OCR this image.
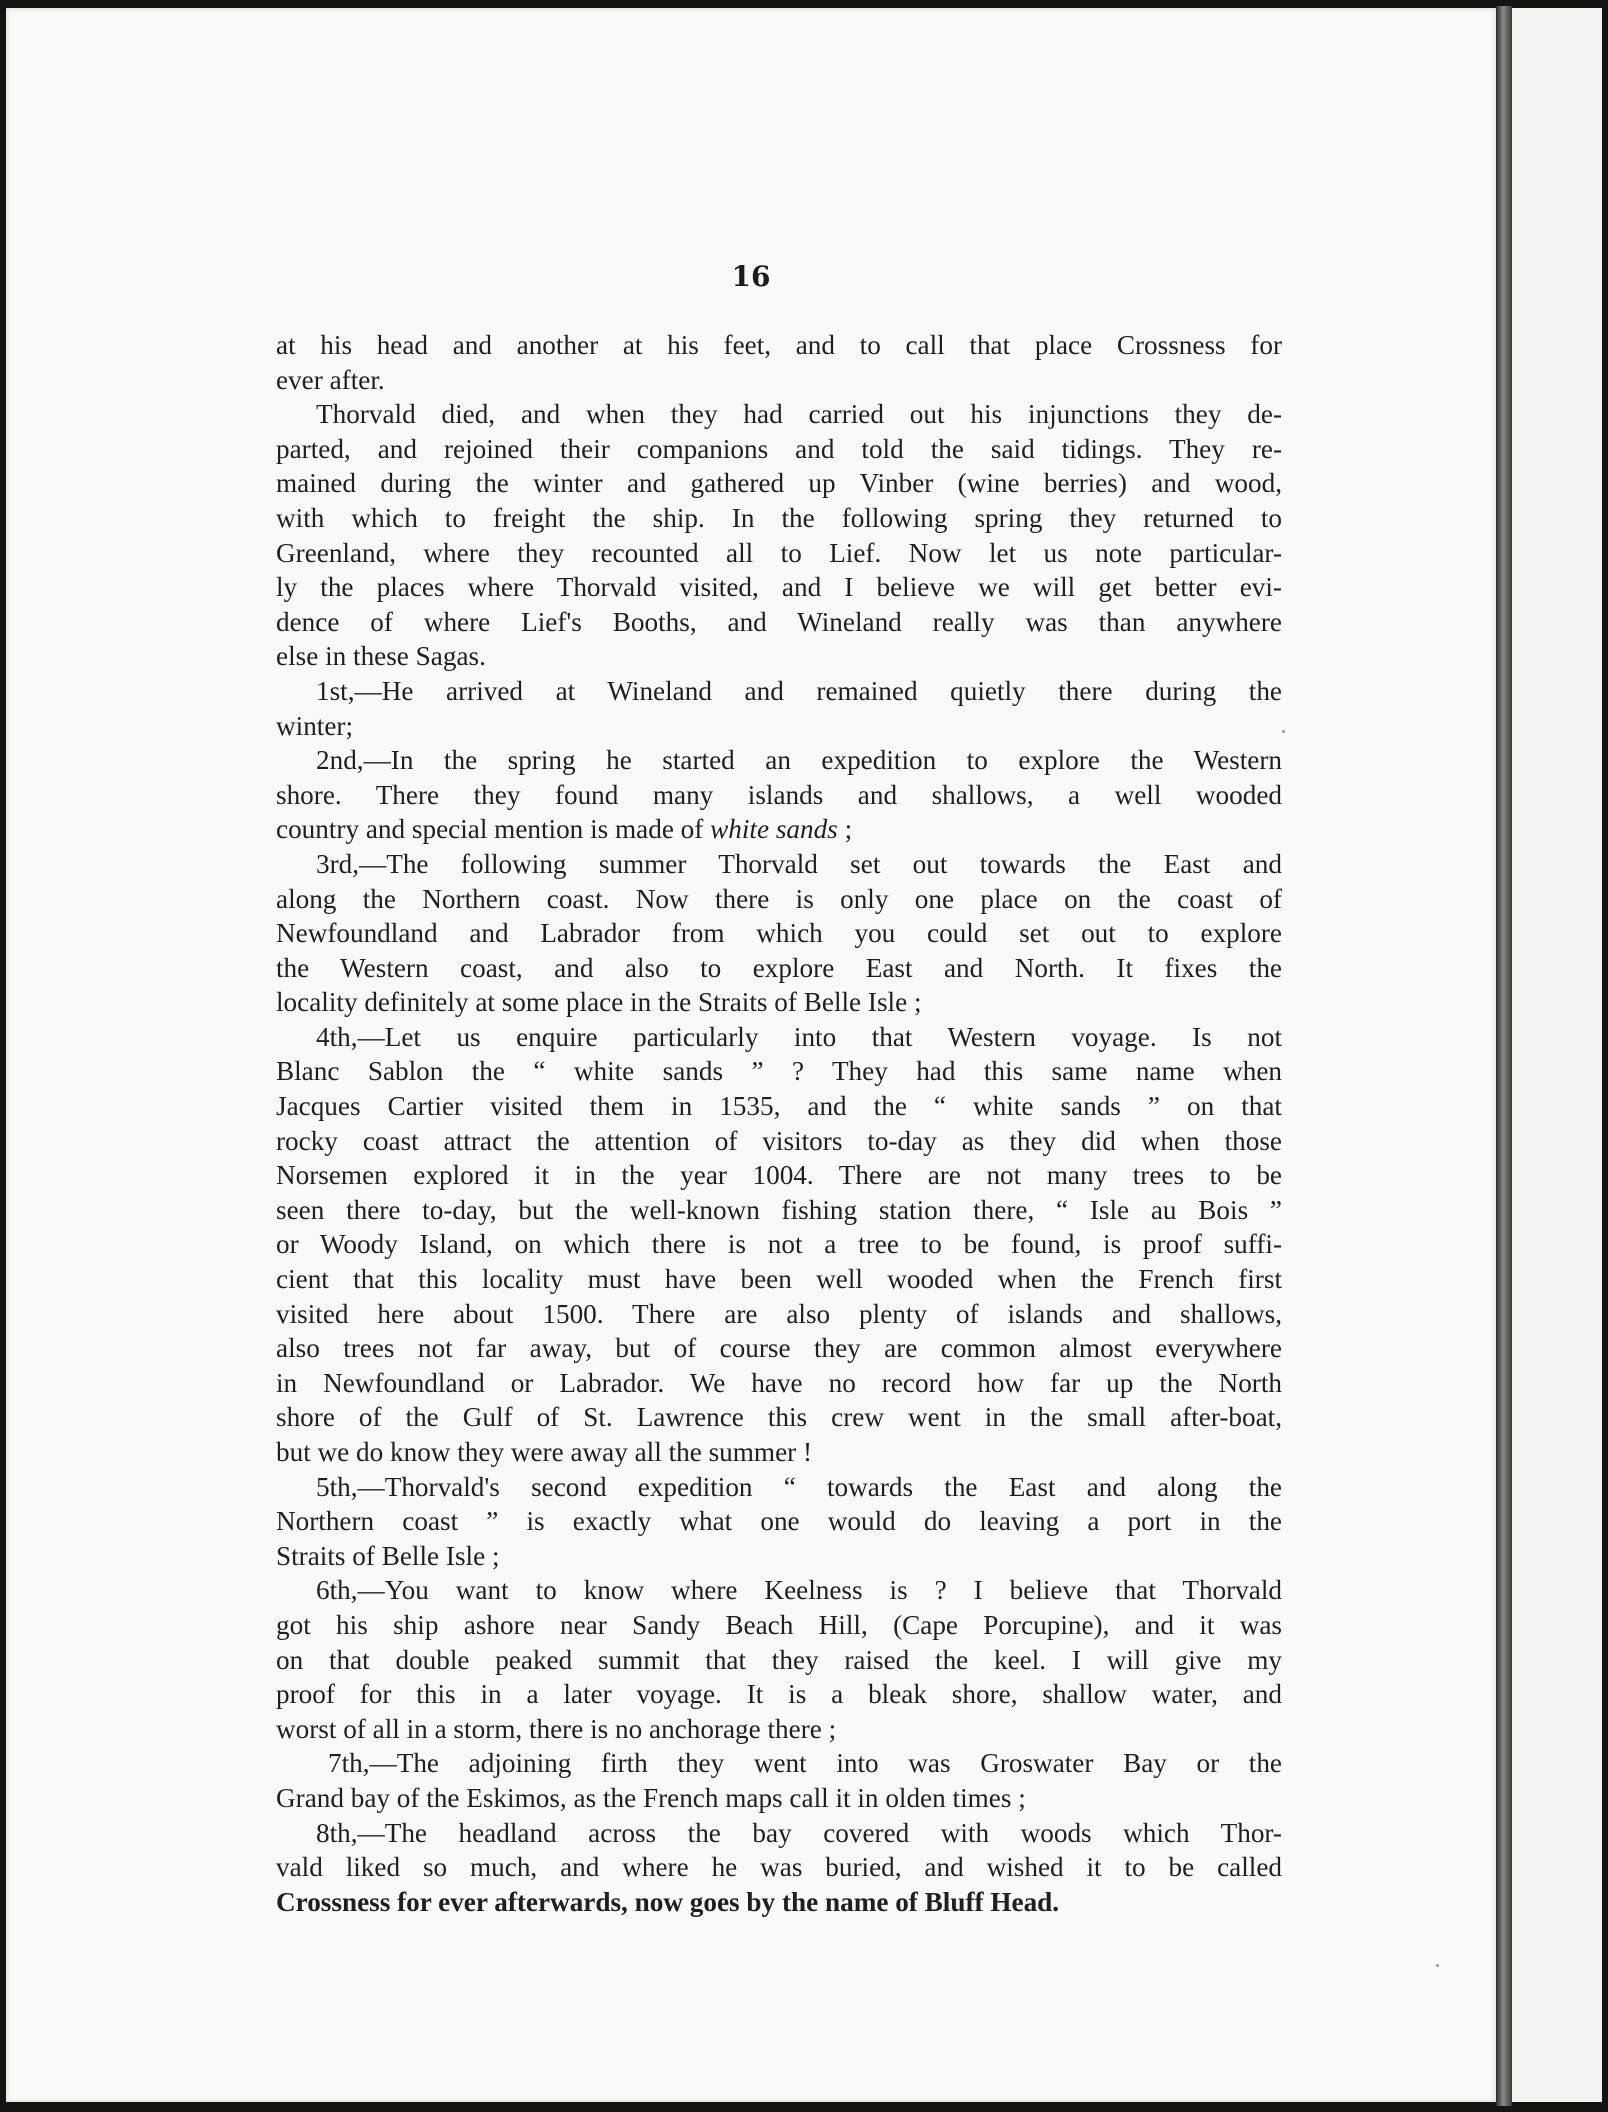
16
at his head and another at his feet, and to call that place Crossness for
ever after.
Thorvald died, and when they had carried out his injunctions they de-
parted, and rejoined their companions and told the said tidings. They re-
mained during the winter and gathered up Vinber (wine berries) and wood,
with which to freight the ship. In the following spring they returned to
Greenland, where they recounted all to Lief. Now let us note particular-
ly the places where Thorvald visited, and I believe we will get better evi-
dence of where Lief's Booths, and Wineland really was than anywhere
else in these Sagas.
1st,—He arrived at Wineland and remained quietly there during the
winter;
2nd,—In the spring he started an expedition to explore the Western
shore. There they found many islands and shallows, a well wooded
country and special mention is made of white sands ;
3rd,—The following summer Thorvald set out towards the East and
along the Northern coast. Now there is only one place on the coast of
Newfoundland and Labrador from which you could set out to explore
the Western coast, and also to explore East and North. It fixes the
locality definitely at some place in the Straits of Belle Isle ;
4th,—Let us enquire particularly into that Western voyage. Is not
Blanc Sablon the “ white sands ” ? They had this same name when
Jacques Cartier visited them in 1535, and the “ white sands ” on that
rocky coast attract the attention of visitors to-day as they did when those
Norsemen explored it in the year 1004. There are not many trees to be
seen there to-day, but the well-known fishing station there, “ Isle au Bois ”
or Woody Island, on which there is not a tree to be found, is proof suffi-
cient that this locality must have been well wooded when the French first
visited here about 1500. There are also plenty of islands and shallows,
also trees not far away, but of course they are common almost everywhere
in Newfoundland or Labrador. We have no record how far up the North
shore of the Gulf of St. Lawrence this crew went in the small after-boat,
but we do know they were away all the summer !
5th,—Thorvald's second expedition “ towards the East and along the
Northern coast ” is exactly what one would do leaving a port in the
Straits of Belle Isle ;
6th,—You want to know where Keelness is ? I believe that Thorvald
got his ship ashore near Sandy Beach Hill, (Cape Porcupine), and it was
on that double peaked summit that they raised the keel. I will give my
proof for this in a later voyage. It is a bleak shore, shallow water, and
worst of all in a storm, there is no anchorage there ;
7th,—The adjoining firth they went into was Groswater Bay or the
Grand bay of the Eskimos, as the French maps call it in olden times ;
8th,—The headland across the bay covered with woods which Thor-
vald liked so much, and where he was buried, and wished it to be called
Crossness for ever afterwards, now goes by the name of Bluff Head.
